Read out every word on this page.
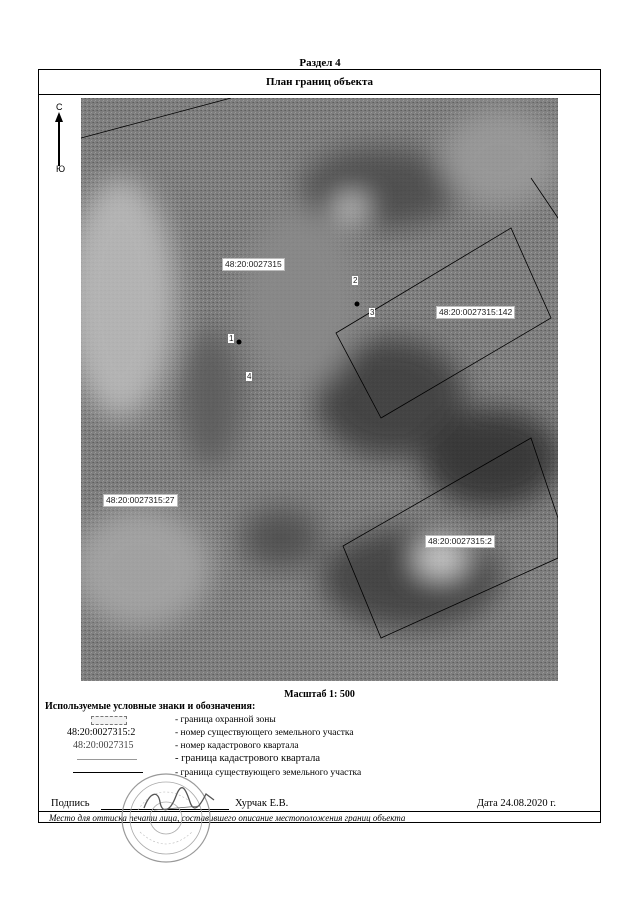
Раздел 4
План границ объекта
С
Ю
48:20:0027315
48:20:0027315:142
48:20:0027315:27
48:20:0027315:2
1
2
3
4
Масштаб 1: 500
Используемые условные знаки и обозначения:
- граница охранной зоны
48:20:0027315:2	- номер существующего земельного участка
48:20:0027315	- номер кадастрового квартала
- граница кадастрового квартала
- граница существующего земельного участка
Подпись	Хурчак Е.В.	Дата 24.08.2020 г.
Место для оттиска печати лица, составившего описание местоположения границ объекта
